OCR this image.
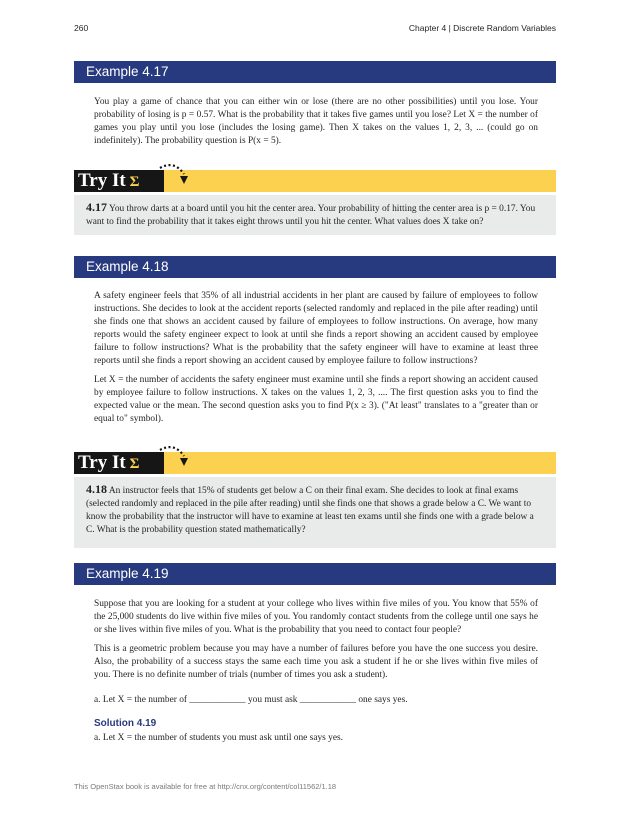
260	Chapter 4 | Discrete Random Variables
Example 4.17

You play a game of chance that you can either win or lose (there are no other possibilities) until you lose. Your probability of losing is p = 0.57. What is the probability that it takes five games until you lose? Let X = the number of games you play until you lose (includes the losing game). Then X takes on the values 1, 2, 3, ... (could go on indefinitely). The probability question is P(x = 5).

Try It Σ
4.17 You throw darts at a board until you hit the center area. Your probability of hitting the center area is p = 0.17. You want to find the probability that it takes eight throws until you hit the center. What values does X take on?
Example 4.18

A safety engineer feels that 35% of all industrial accidents in her plant are caused by failure of employees to follow instructions. She decides to look at the accident reports (selected randomly and replaced in the pile after reading) until she finds one that shows an accident caused by failure of employees to follow instructions. On average, how many reports would the safety engineer expect to look at until she finds a report showing an accident caused by employee failure to follow instructions? What is the probability that the safety engineer will have to examine at least three reports until she finds a report showing an accident caused by employee failure to follow instructions?

Let X = the number of accidents the safety engineer must examine until she finds a report showing an accident caused by employee failure to follow instructions. X takes on the values 1, 2, 3, .... The first question asks you to find the expected value or the mean. The second question asks you to find P(x ≥ 3). ("At least" translates to a "greater than or equal to" symbol).

Try It Σ
4.18 An instructor feels that 15% of students get below a C on their final exam. She decides to look at final exams (selected randomly and replaced in the pile after reading) until she finds one that shows a grade below a C. We want to know the probability that the instructor will have to examine at least ten exams until she finds one with a grade below a C. What is the probability question stated mathematically?
Example 4.19

Suppose that you are looking for a student at your college who lives within five miles of you. You know that 55% of the 25,000 students do live within five miles of you. You randomly contact students from the college until one says he or she lives within five miles of you. What is the probability that you need to contact four people?

This is a geometric problem because you may have a number of failures before you have the one success you desire. Also, the probability of a success stays the same each time you ask a student if he or she lives within five miles of you. There is no definite number of trials (number of times you ask a student).

a. Let X = the number of ____________ you must ask ____________ one says yes.

Solution 4.19

a. Let X = the number of students you must ask until one says yes.

This OpenStax book is available for free at http://cnx.org/content/col11562/1.18
